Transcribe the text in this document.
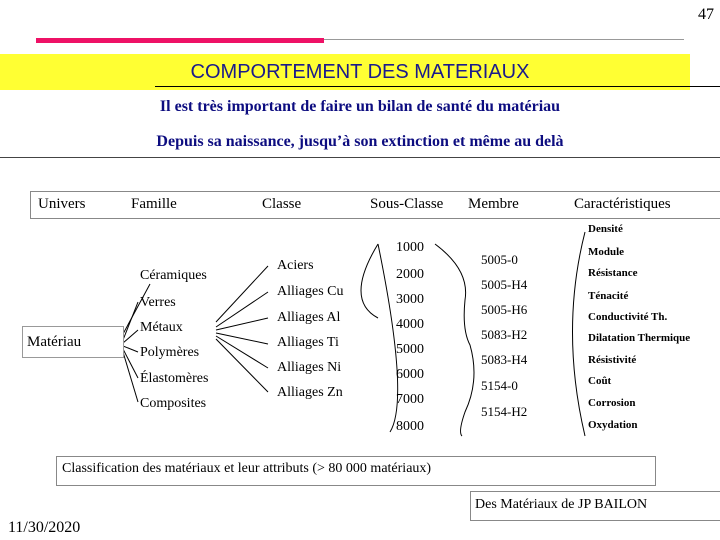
47
COMPORTEMENT DES MATERIAUX
Il est très important de faire un bilan de santé du matériau
Depuis sa naissance, jusqu’à son extinction et même au delà
Univers	Famille	Classe	Sous-Classe Membre	Caractéristiques
Matériau
Céramiques
Verres
Métaux
Polymères
Élastomères
Composites
Aciers
Alliages Cu
Alliages Al
Alliages Ti
Alliages Ni
Alliages Zn
1000
2000
3000
4000
5000
6000
7000
8000
5005-0
5005-H4
5005-H6
5083-H2
5083-H4
5154-0
5154-H2
Densité
Module
Résistance
Ténacité
Conductivité Th.
Dilatation Thermique
Résistivité
Coût
Corrosion
Oxydation
Classification des matériaux et leur attributs (> 80 000 matériaux)
Des Matériaux de JP BAILON
11/30/2020
